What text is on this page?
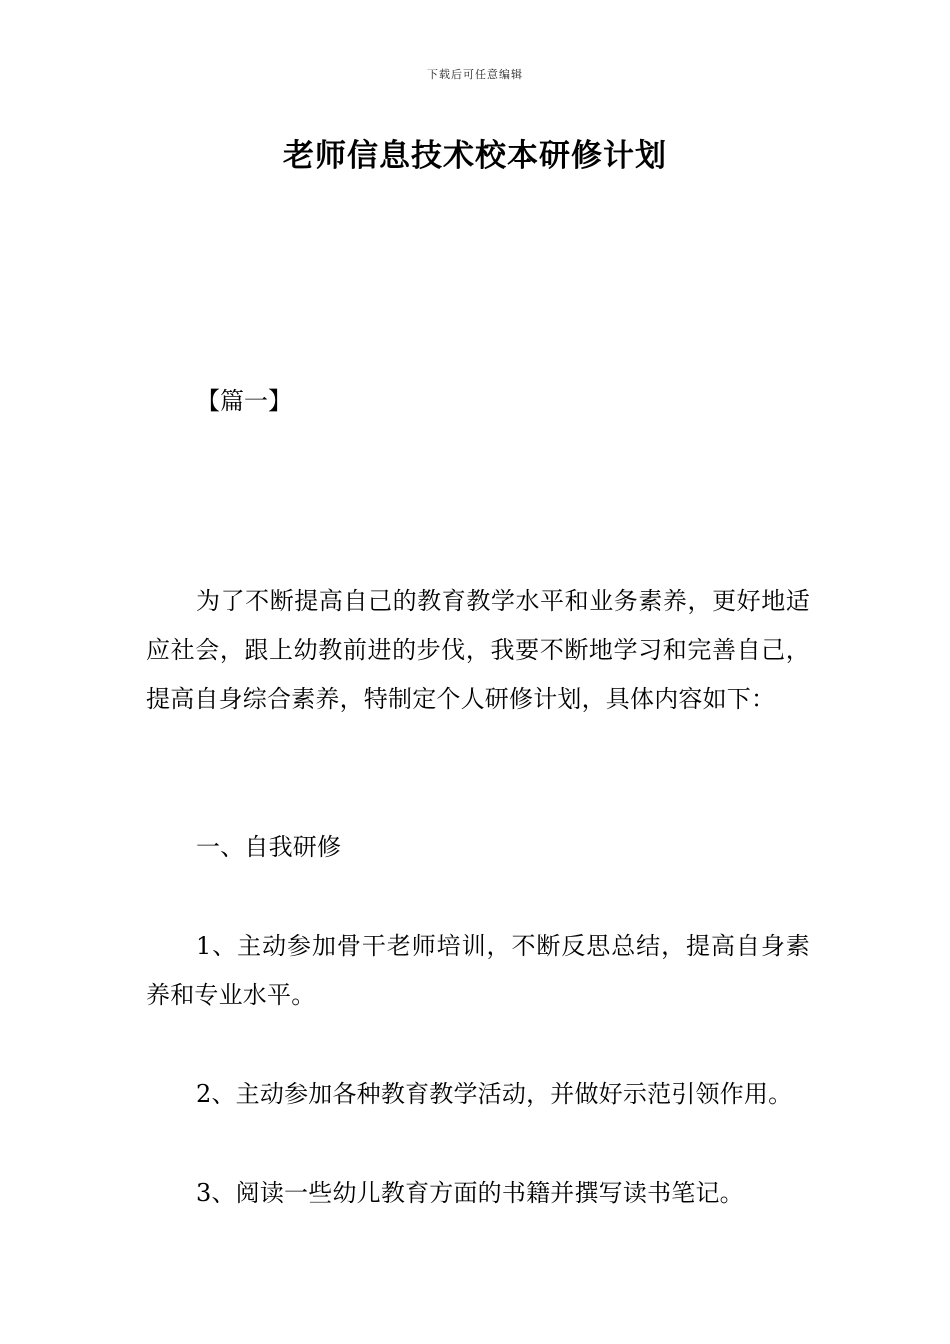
下载后可任意编辑
老师信息技术校本研修计划
【篇一】

为了不断提高自己的教育教学水平和业务素养，更好地适应社会，跟上幼教前进的步伐，我要不断地学习和完善自己，提高自身综合素养，特制定个人研修计划，具体内容如下：

一、自我研修

1、主动参加骨干老师培训，不断反思总结，提高自身素养和专业水平。

2、主动参加各种教育教学活动，并做好示范引领作用。

3、阅读一些幼儿教育方面的书籍并撰写读书笔记。
